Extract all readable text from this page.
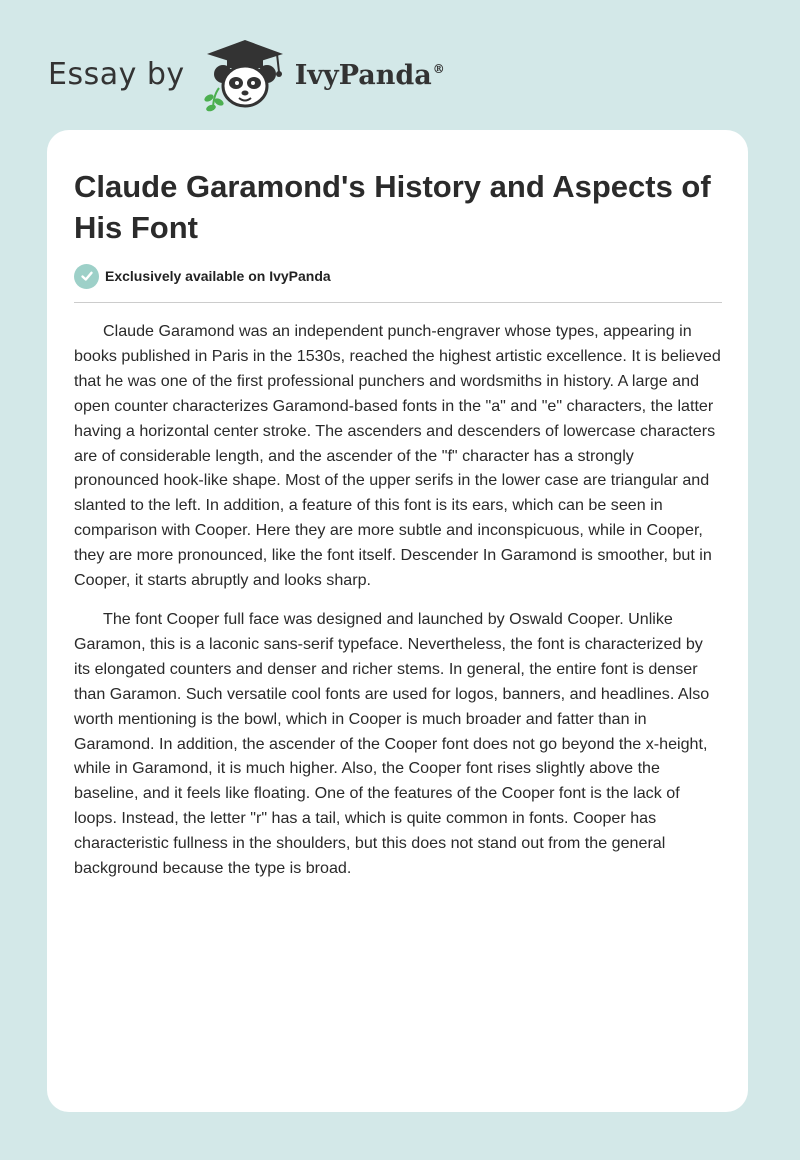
Essay by	IvyPanda®
Claude Garamond's History and Aspects of His Font
Exclusively available on IvyPanda

Claude Garamond was an independent punch-engraver whose types, appearing in books published in Paris in the 1530s, reached the highest artistic excellence. It is believed that he was one of the first professional punchers and wordsmiths in history. A large and open counter characterizes Garamond-based fonts in the "a" and "e" characters, the latter having a horizontal center stroke. The ascenders and descenders of lowercase characters are of considerable length, and the ascender of the "f" character has a strongly pronounced hook-like shape. Most of the upper serifs in the lower case are triangular and slanted to the left. In addition, a feature of this font is its ears, which can be seen in comparison with Cooper. Here they are more subtle and inconspicuous, while in Cooper, they are more pronounced, like the font itself. Descender In Garamond is smoother, but in Cooper, it starts abruptly and looks sharp.

The font Cooper full face was designed and launched by Oswald Cooper. Unlike Garamon, this is a laconic sans-serif typeface. Nevertheless, the font is characterized by its elongated counters and denser and richer stems. In general, the entire font is denser than Garamon. Such versatile cool fonts are used for logos, banners, and headlines. Also worth mentioning is the bowl, which in Cooper is much broader and fatter than in Garamond. In addition, the ascender of the Cooper font does not go beyond the x-height, while in Garamond, it is much higher. Also, the Cooper font rises slightly above the baseline, and it feels like floating. One of the features of the Cooper font is the lack of loops. Instead, the letter "r" has a tail, which is quite common in fonts. Cooper has characteristic fullness in the shoulders, but this does not stand out from the general background because the type is broad.
